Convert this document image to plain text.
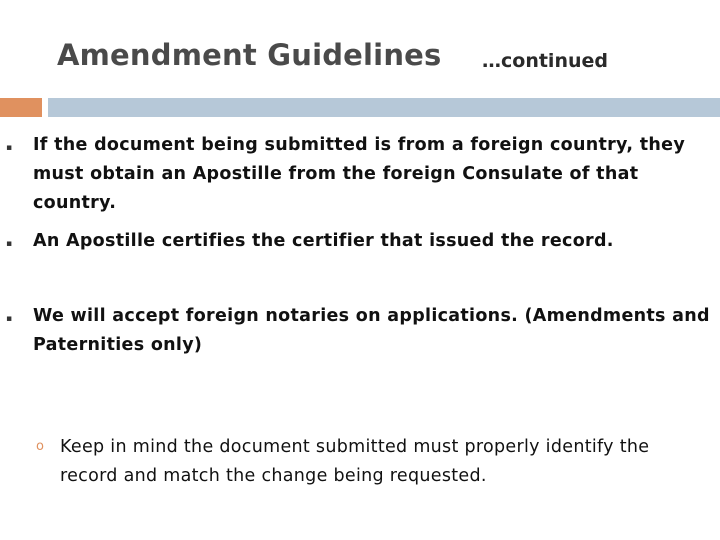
Amendment Guidelines …continued
▪ If the document being submitted is from a foreign country, they
must obtain an Apostille from the foreign Consulate of that country.
▪ An Apostille certifies the certifier that issued the record.
▪ We will accept foreign notaries on applications. (Amendments and
Paternities only)
o Keep in mind the document submitted must properly identify the
record and match the change being requested.
